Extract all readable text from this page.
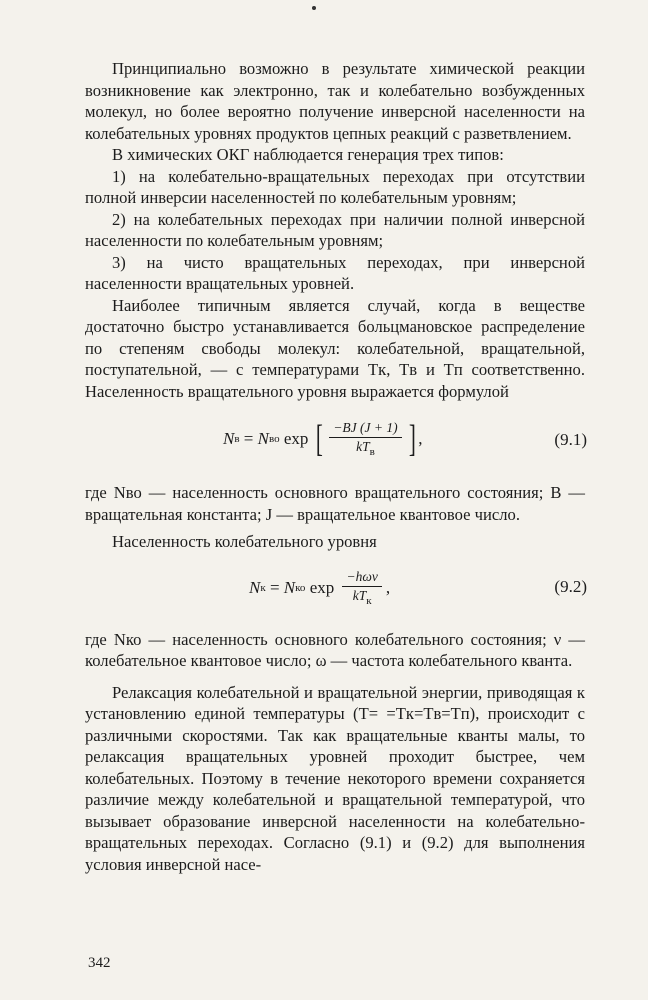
Принципиально возможно в результате химической реакции возникновение как электронно, так и колебательно возбужденных молекул, но более вероятно получение инверсной населенности на колебательных уровнях продуктов цепных реакций с разветвлением.

В химических ОКГ наблюдается генерация трех типов:

1) на колебательно-вращательных переходах при отсутствии полной инверсии населенностей по колебательным уровням;

2) на колебательных переходах при наличии полной инверсной населенности по колебательным уровням;

3) на чисто вращательных переходах, при инверсной населенности вращательных уровней.

Наиболее типичным является случай, когда в веществе достаточно быстро устанавливается больцмановское распределение по степеням свободы молекул: колебательной, вращательной, поступательной, — с температурами Tк, Tв и Tп соответственно. Населенность вращательного уровня выражается формулой

N в = N во exp [ $\frac{-BJ (J + 1)}{kT_в}$ ] ,	(9.1)

где Nво — населенность основного вращательного состояния; B — вращательная константа; J — вращательное квантовое число.

Населенность колебательного уровня

N к = N ко $\exp \frac{\text{−hων}}{kT_к}$ ,	(9.2)

где Nко — населенность основного колебательного состояния; ν — колебательное квантовое число; ω — частота колебательного кванта.

Релаксация колебательной и вращательной энергии, приводящая к установлению единой температуры (T= =Tк=Tв=Tп), происходит с различными скоростями. Так как вращательные кванты малы, то релаксация вращательных уровней проходит быстрее, чем колебательных. Поэтому в течение некоторого времени сохраняется различие между колебательной и вращательной температурой, что вызывает образование инверсной населенности на колебательно-вращательных переходах. Согласно (9.1) и (9.2) для выполнения условия инверсной насе-

342
